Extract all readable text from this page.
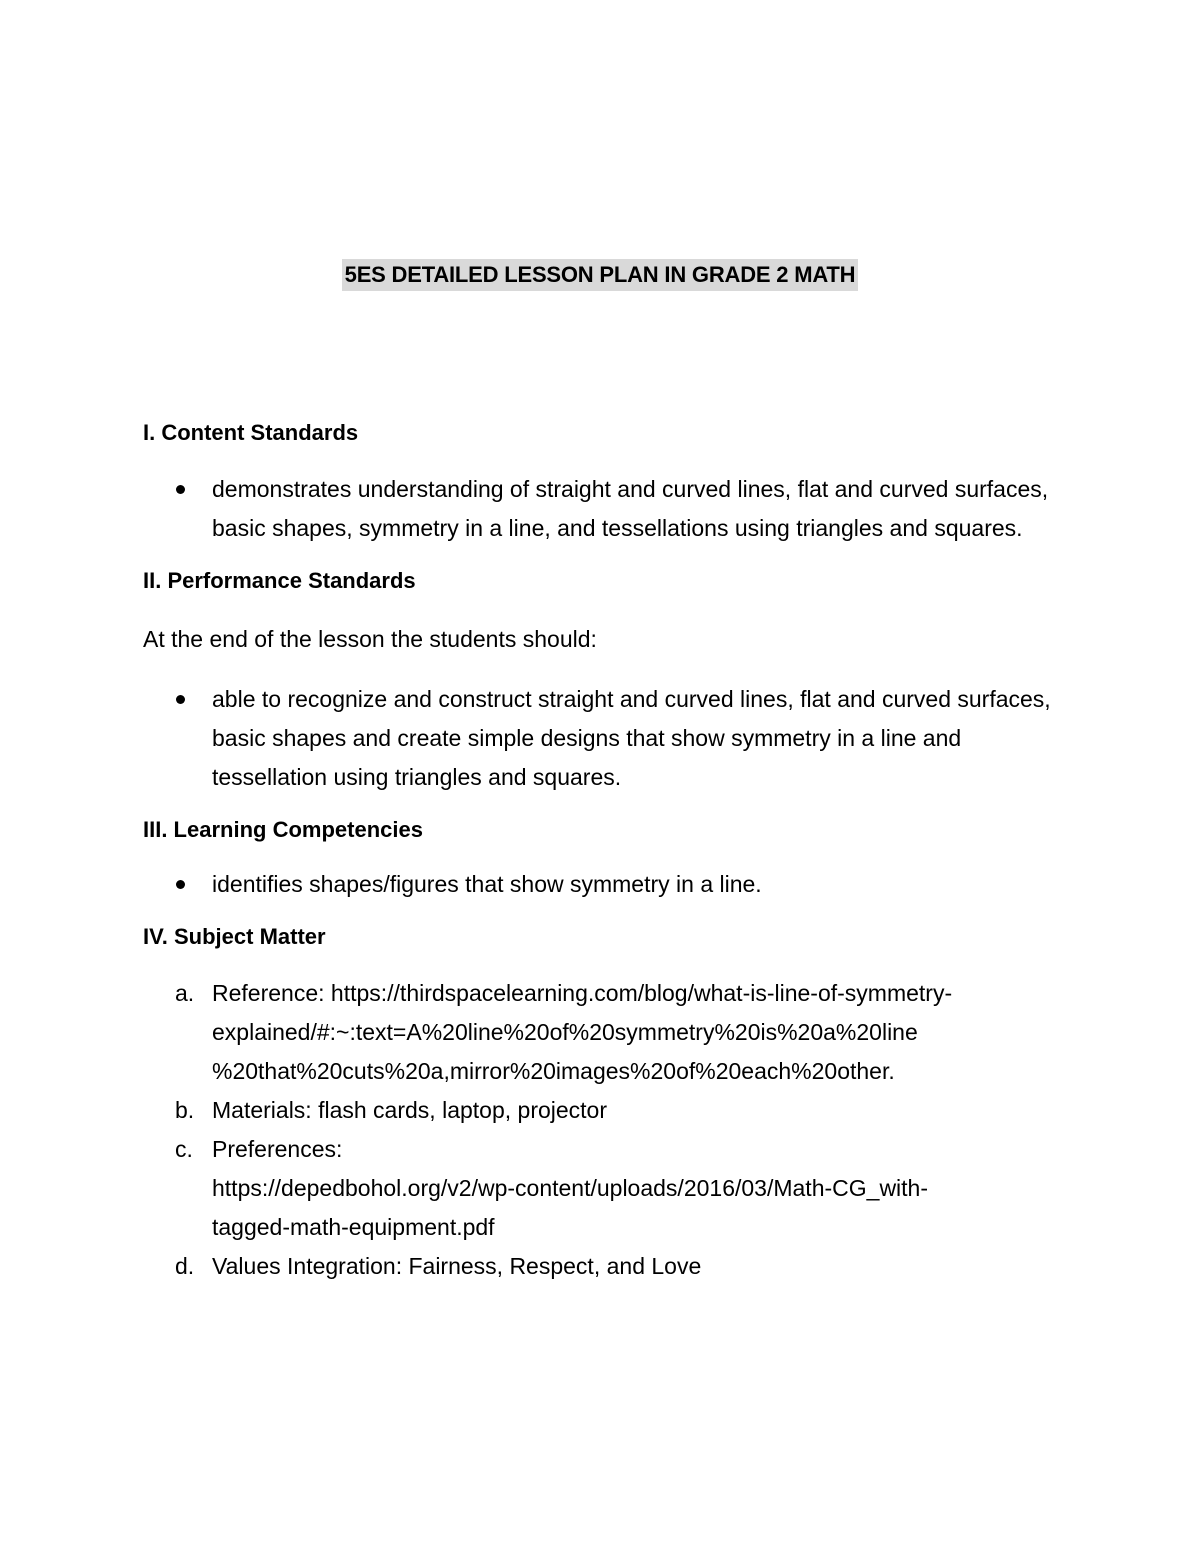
5ES DETAILED LESSON PLAN IN GRADE 2 MATH

I. Content Standards

demonstrates understanding of straight and curved lines, flat and curved surfaces, basic shapes, symmetry in a line, and tessellations using triangles and squares.

II. Performance Standards

At the end of the lesson the students should:

able to recognize and construct straight and curved lines, flat and curved surfaces, basic shapes and create simple designs that show symmetry in a line and tessellation using triangles and squares.

III. Learning Competencies

identifies shapes/figures that show symmetry in a line.

IV. Subject Matter

a. Reference: https://thirdspacelearning.com/blog/what-is-line-of-symmetry-
explained/#:~:text=A%20line%20of%20symmetry%20is%20a%20line
%20that%20cuts%20a,mirror%20images%20of%20each%20other.
b. Materials: flash cards, laptop, projector
c. Preferences:
https://depedbohol.org/v2/wp-content/uploads/2016/03/Math-CG_with-
tagged-math-equipment.pdf
d. Values Integration: Fairness, Respect, and Love
